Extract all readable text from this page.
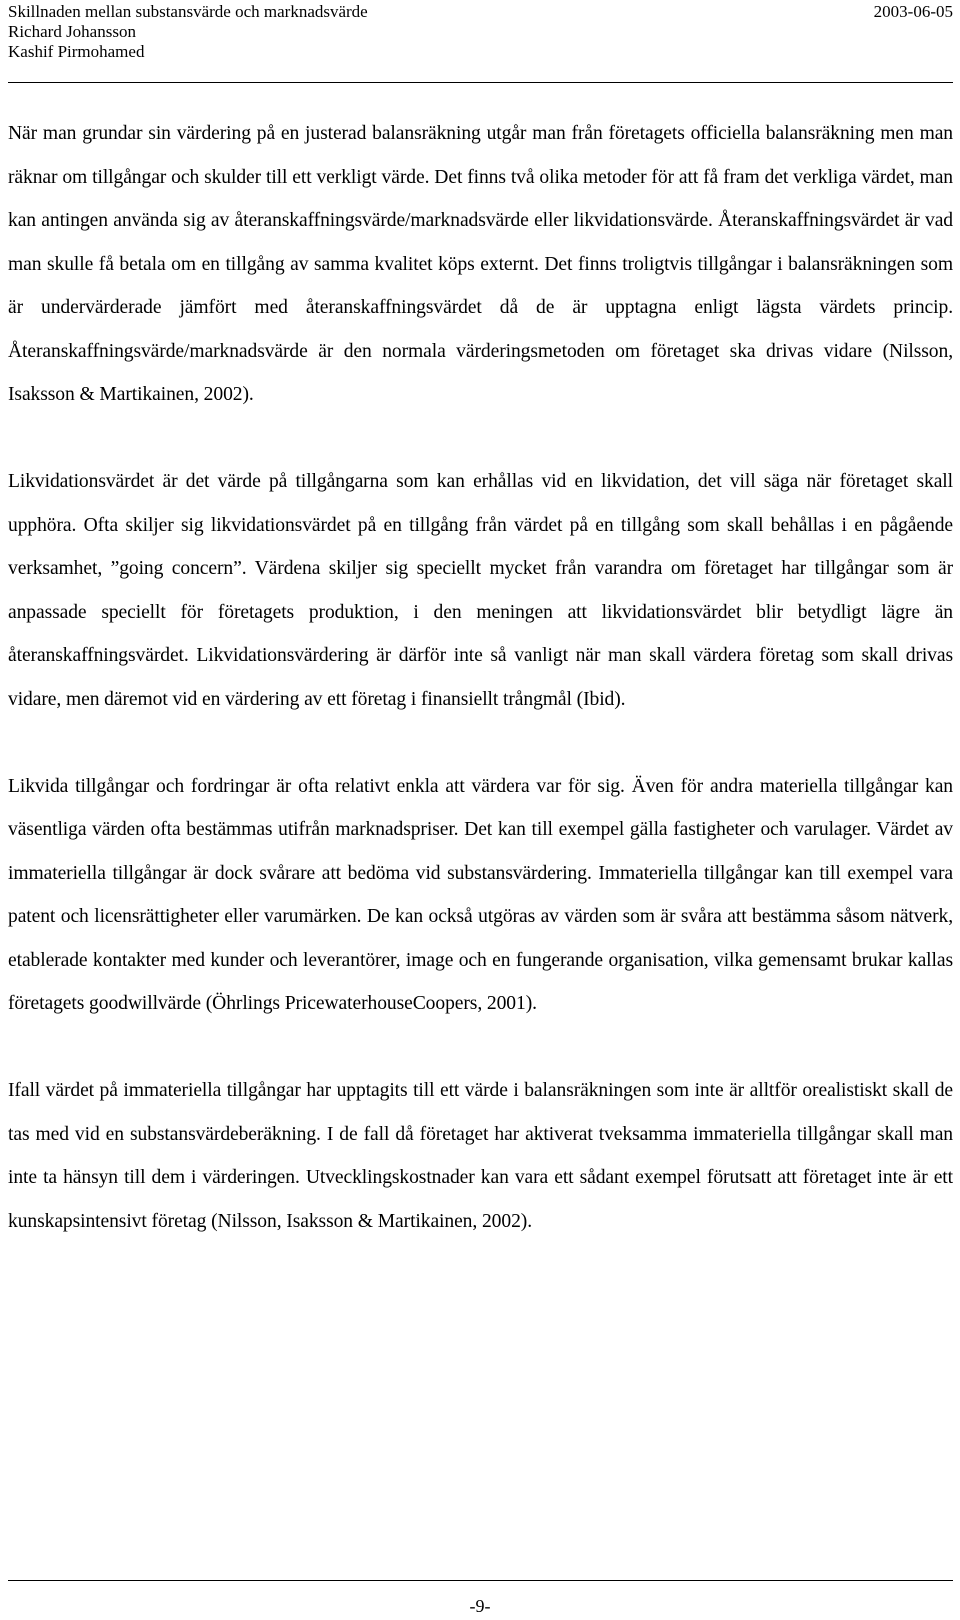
Skillnaden mellan substansvärde och marknadsvärde	2003-06-05
Richard Johansson
Kashif Pirmohamed

När man grundar sin värdering på en justerad balansräkning utgår man från företagets officiella balansräkning men man räknar om tillgångar och skulder till ett verkligt värde. Det finns två olika metoder för att få fram det verkliga värdet, man kan antingen använda sig av återanskaffningsvärde/marknadsvärde eller likvidationsvärde. Återanskaffningsvärdet är vad man skulle få betala om en tillgång av samma kvalitet köps externt. Det finns troligtvis tillgångar i balansräkningen som är undervärderade jämfört med återanskaffningsvärdet då de är upptagna enligt lägsta värdets princip. Återanskaffningsvärde/marknadsvärde är den normala värderingsmetoden om företaget ska drivas vidare (Nilsson, Isaksson & Martikainen, 2002).

Likvidationsvärdet är det värde på tillgångarna som kan erhållas vid en likvidation, det vill säga när företaget skall upphöra. Ofta skiljer sig likvidationsvärdet på en tillgång från värdet på en tillgång som skall behållas i en pågående verksamhet, ”going concern”. Värdena skiljer sig speciellt mycket från varandra om företaget har tillgångar som är anpassade speciellt för företagets produktion, i den meningen att likvidationsvärdet blir betydligt lägre än återanskaffningsvärdet. Likvidationsvärdering är därför inte så vanligt när man skall värdera företag som skall drivas vidare, men däremot vid en värdering av ett företag i finansiellt trångmål (Ibid).

Likvida tillgångar och fordringar är ofta relativt enkla att värdera var för sig. Även för andra materiella tillgångar kan väsentliga värden ofta bestämmas utifrån marknadspriser. Det kan till exempel gälla fastigheter och varulager. Värdet av immateriella tillgångar är dock svårare att bedöma vid substansvärdering. Immateriella tillgångar kan till exempel vara patent och licensrättigheter eller varumärken. De kan också utgöras av värden som är svåra att bestämma såsom nätverk, etablerade kontakter med kunder och leverantörer, image och en fungerande organisation, vilka gemensamt brukar kallas företagets goodwillvärde (Öhrlings PricewaterhouseCoopers, 2001).

Ifall värdet på immateriella tillgångar har upptagits till ett värde i balansräkningen som inte är alltför orealistiskt skall de tas med vid en substansvärdeberäkning. I de fall då företaget har aktiverat tveksamma immateriella tillgångar skall man inte ta hänsyn till dem i värderingen. Utvecklingskostnader kan vara ett sådant exempel förutsatt att företaget inte är ett kunskapsintensivt företag (Nilsson, Isaksson & Martikainen, 2002).

-9-
